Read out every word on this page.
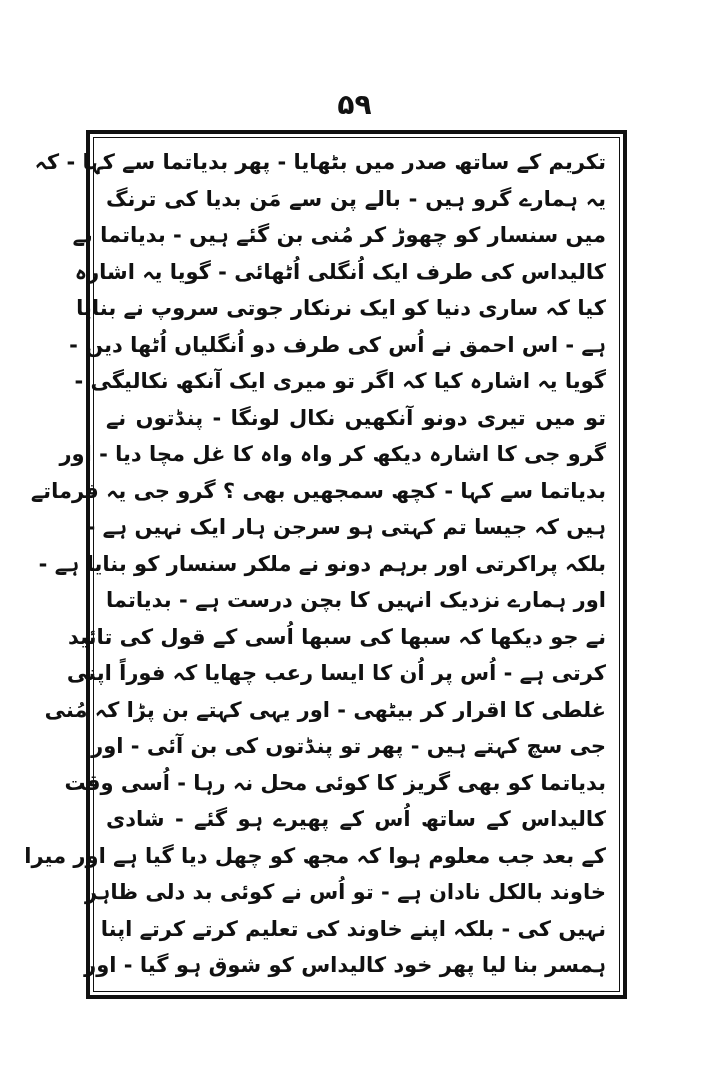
۵۹
تکریم کے ساتھ صدر میں بٹھایا - پھر بدیاتما سے کہا - کہ
یہ ہمارے گرو ہیں - بالے پن سے مَن بدیا کی ترنگ
میں سنسار کو چھوڑ کر مُنی بن گئے ہیں - بدیاتما نے
کالیداس کی طرف ایک اُنگلی اُٹھائی - گویا یہ اشارہ
کیا کہ ساری دنیا کو ایک نرنکار جوتی سروپ نے بنایا
ہے - اس احمق نے اُس کی طرف دو اُنگلیاں اُٹھا دیں -
گویا یہ اشارہ کیا کہ اگر تو میری ایک آنکھ نکالیگی -
تو میں تیری دونو آنکھیں نکال لونگا - پنڈتوں نے
گرو جی کا اشارہ دیکھ کر واہ واہ کا غل مچا دیا - اور
بدیاتما سے کہا - کچھ سمجھیں بھی ؟ گرو جی یہ فرماتے
ہیں کہ جیسا تم کہتی ہو سرجن ہار ایک نہیں ہے -
بلکہ پراکرتی اور برہم دونو نے ملکر سنسار کو بنایا ہے -
اور ہمارے نزدیک انہیں کا بچن درست ہے - بدیاتما
نے جو دیکھا کہ سبھا کی سبھا اُسی کے قول کی تائید
کرتی ہے - اُس پر اُن کا ایسا رعب چھایا کہ فوراً اپنی
غلطی کا اقرار کر بیٹھی - اور یہی کہتے بن پڑا کہ مُنی
جی سچ کہتے ہیں - پھر تو پنڈتوں کی بن آئی - اور
بدیاتما کو بھی گریز کا کوئی محل نہ رہا - اُسی وقت
کالیداس کے ساتھ اُس کے پھیرے ہو گئے - شادی
کے بعد جب معلوم ہوا کہ مجھ کو چھل دیا گیا ہے اور میرا
خاوند بالکل نادان ہے - تو اُس نے کوئی بد دلی ظاہر
نہیں کی - بلکہ اپنے خاوند کی تعلیم کرتے کرتے اپنا
ہمسر بنا لیا پھر خود کالیداس کو شوق ہو گیا - اور
